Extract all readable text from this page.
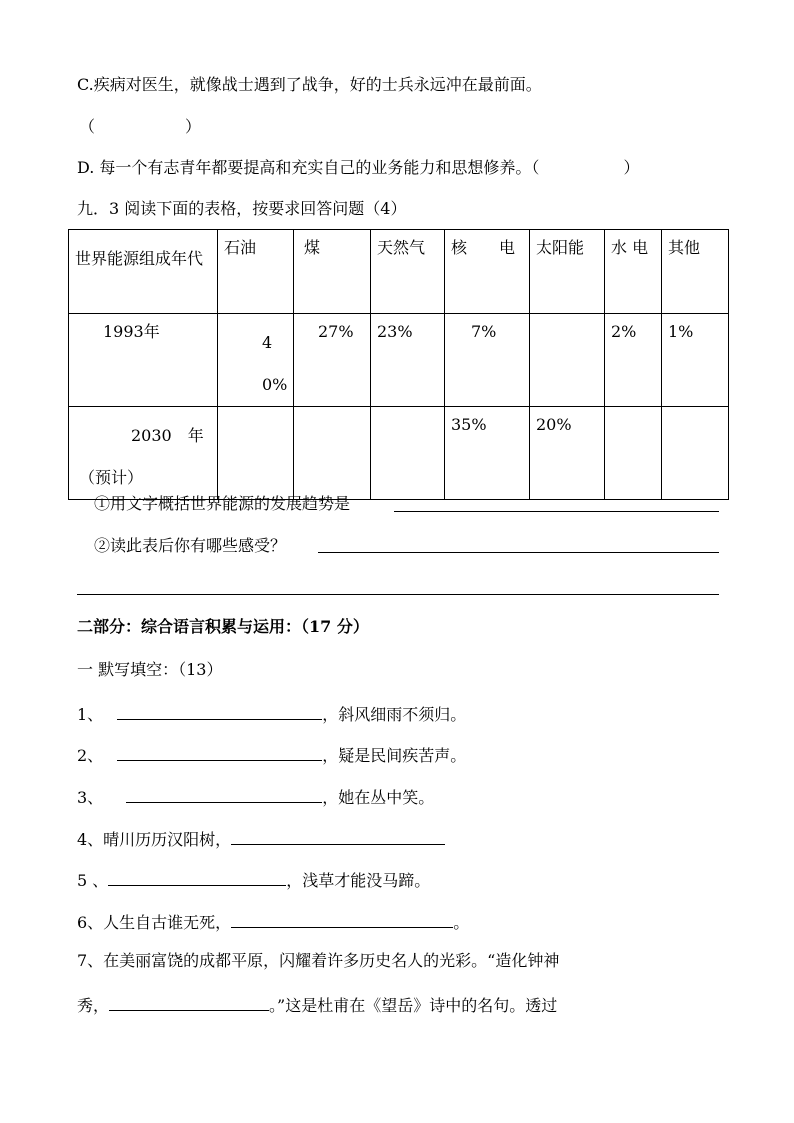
C.疾病对医生，就像战士遇到了战争，好的士兵永远冲在最前面。
（	）
D. 每一个有志青年都要提高和充实自己的业务能力和思想修养。（	）
九．3 阅读下面的表格，按要求回答问题（4）
世界能源组成年代	石油	煤	天然气	核　　电	太阳能	水 电	其他
1993年	40%	27%	23%	7%		2%	1%

2030　年（预计）				35%	20%		
①用文字概括世界能源的发展趋势是
②读此表后你有哪些感受？
二部分：综合语言积累与运用：（17 分）
一 默写填空：（13）
1、	，斜风细雨不须归。
2、	，疑是民间疾苦声。
3、	，她在丛中笑。
4、晴川历历汉阳树，
5 、	，浅草才能没马蹄。
6、人生自古谁无死，	。
7、在美丽富饶的成都平原，闪耀着许多历史名人的光彩。“造化钟神
秀，	。”这是杜甫在《望岳》诗中的名句。透过
